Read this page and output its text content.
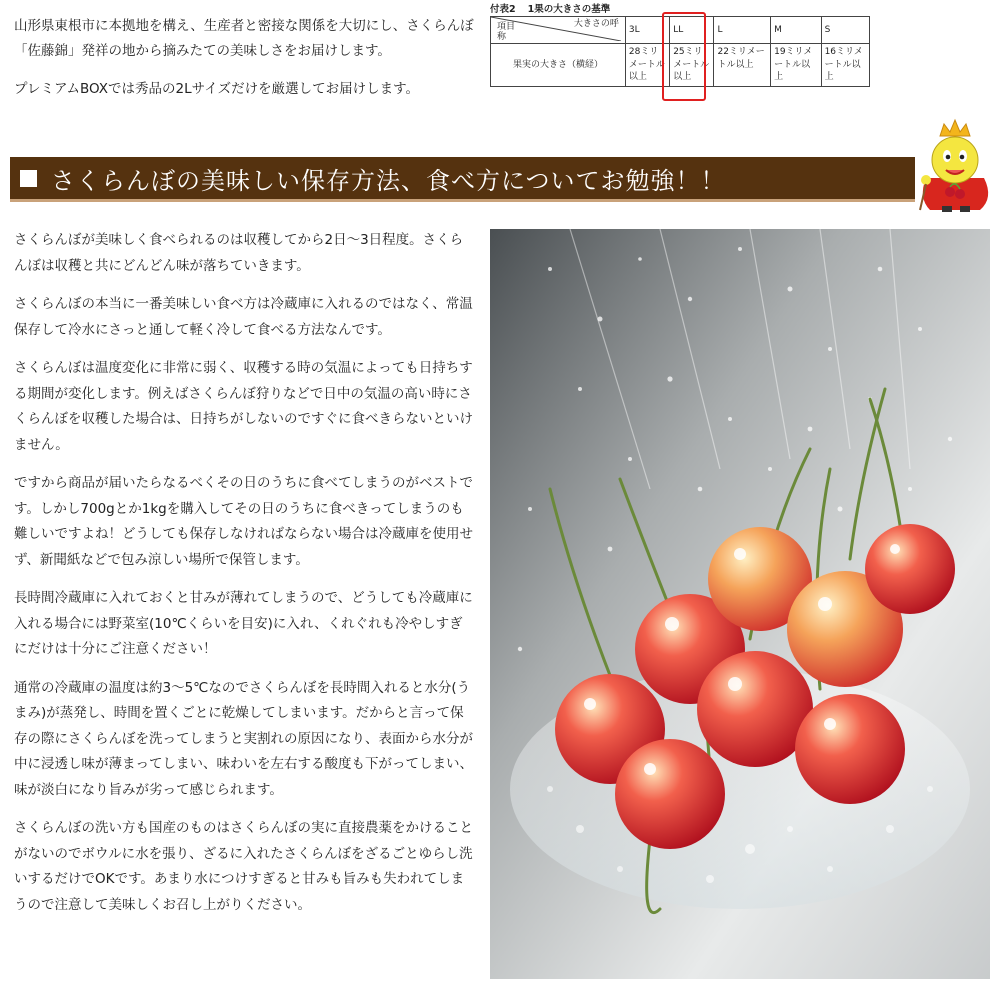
山形県東根市に本拠地を構え、生産者と密接な関係を大切にし、さくらんぼ「佐藤錦」発祥の地から摘みたての美味しさをお届けします。

プレミアムBOXでは秀品の2Lサイズだけを厳選してお届けします。

付表2 1果の大きさの基準
大きさの呼
項目
称	3L	LL	L	M	S
果実の大きさ（横経）	28ミリメートル以上	25ミリメートル以上	22ミリメートル以上	19ミリメートル以上	16ミリメートル以上
さくらんぼの美味しい保存方法、食べ方についてお勉強！！

さくらんぼが美味しく食べられるのは収穫してから2日〜3日程度。さくらんぼは収穫と共にどんどん味が落ちていきます。

さくらんぼの本当に一番美味しい食べ方は冷蔵庫に入れるのではなく、常温保存して冷水にさっと通して軽く冷して食べる方法なんです。

さくらんぼは温度変化に非常に弱く、収穫する時の気温によっても日持ちする期間が変化します。例えばさくらんぼ狩りなどで日中の気温の高い時にさくらんぼを収穫した場合は、日持ちがしないのですぐに食べきらないといけません。

ですから商品が届いたらなるべくその日のうちに食べてしまうのがベストです。しかし700gとか1kgを購入してその日のうちに食べきってしまうのも難しいですよね！どうしても保存しなければならない場合は冷蔵庫を使用せず、新聞紙などで包み涼しい場所で保管します。

長時間冷蔵庫に入れておくと甘みが薄れてしまうので、どうしても冷蔵庫に入れる場合には野菜室(10℃くらいを目安)に入れ、くれぐれも冷やしすぎにだけは十分にご注意ください！

通常の冷蔵庫の温度は約3〜5℃なのでさくらんぼを長時間入れると水分(うまみ)が蒸発し、時間を置くごとに乾燥してしまいます。だからと言って保存の際にさくらんぼを洗ってしまうと実割れの原因になり、表面から水分が中に浸透し味が薄まってしまい、味わいを左右する酸度も下がってしまい、味が淡白になり旨みが劣って感じられます。

さくらんぼの洗い方も国産のものはさくらんぼの実に直接農薬をかけることがないのでボウルに水を張り、ざるに入れたさくらんぼをざるごとゆらし洗いするだけでOKです。あまり水につけすぎると甘みも旨みも失われてしまうので注意して美味しくお召し上がりください。
